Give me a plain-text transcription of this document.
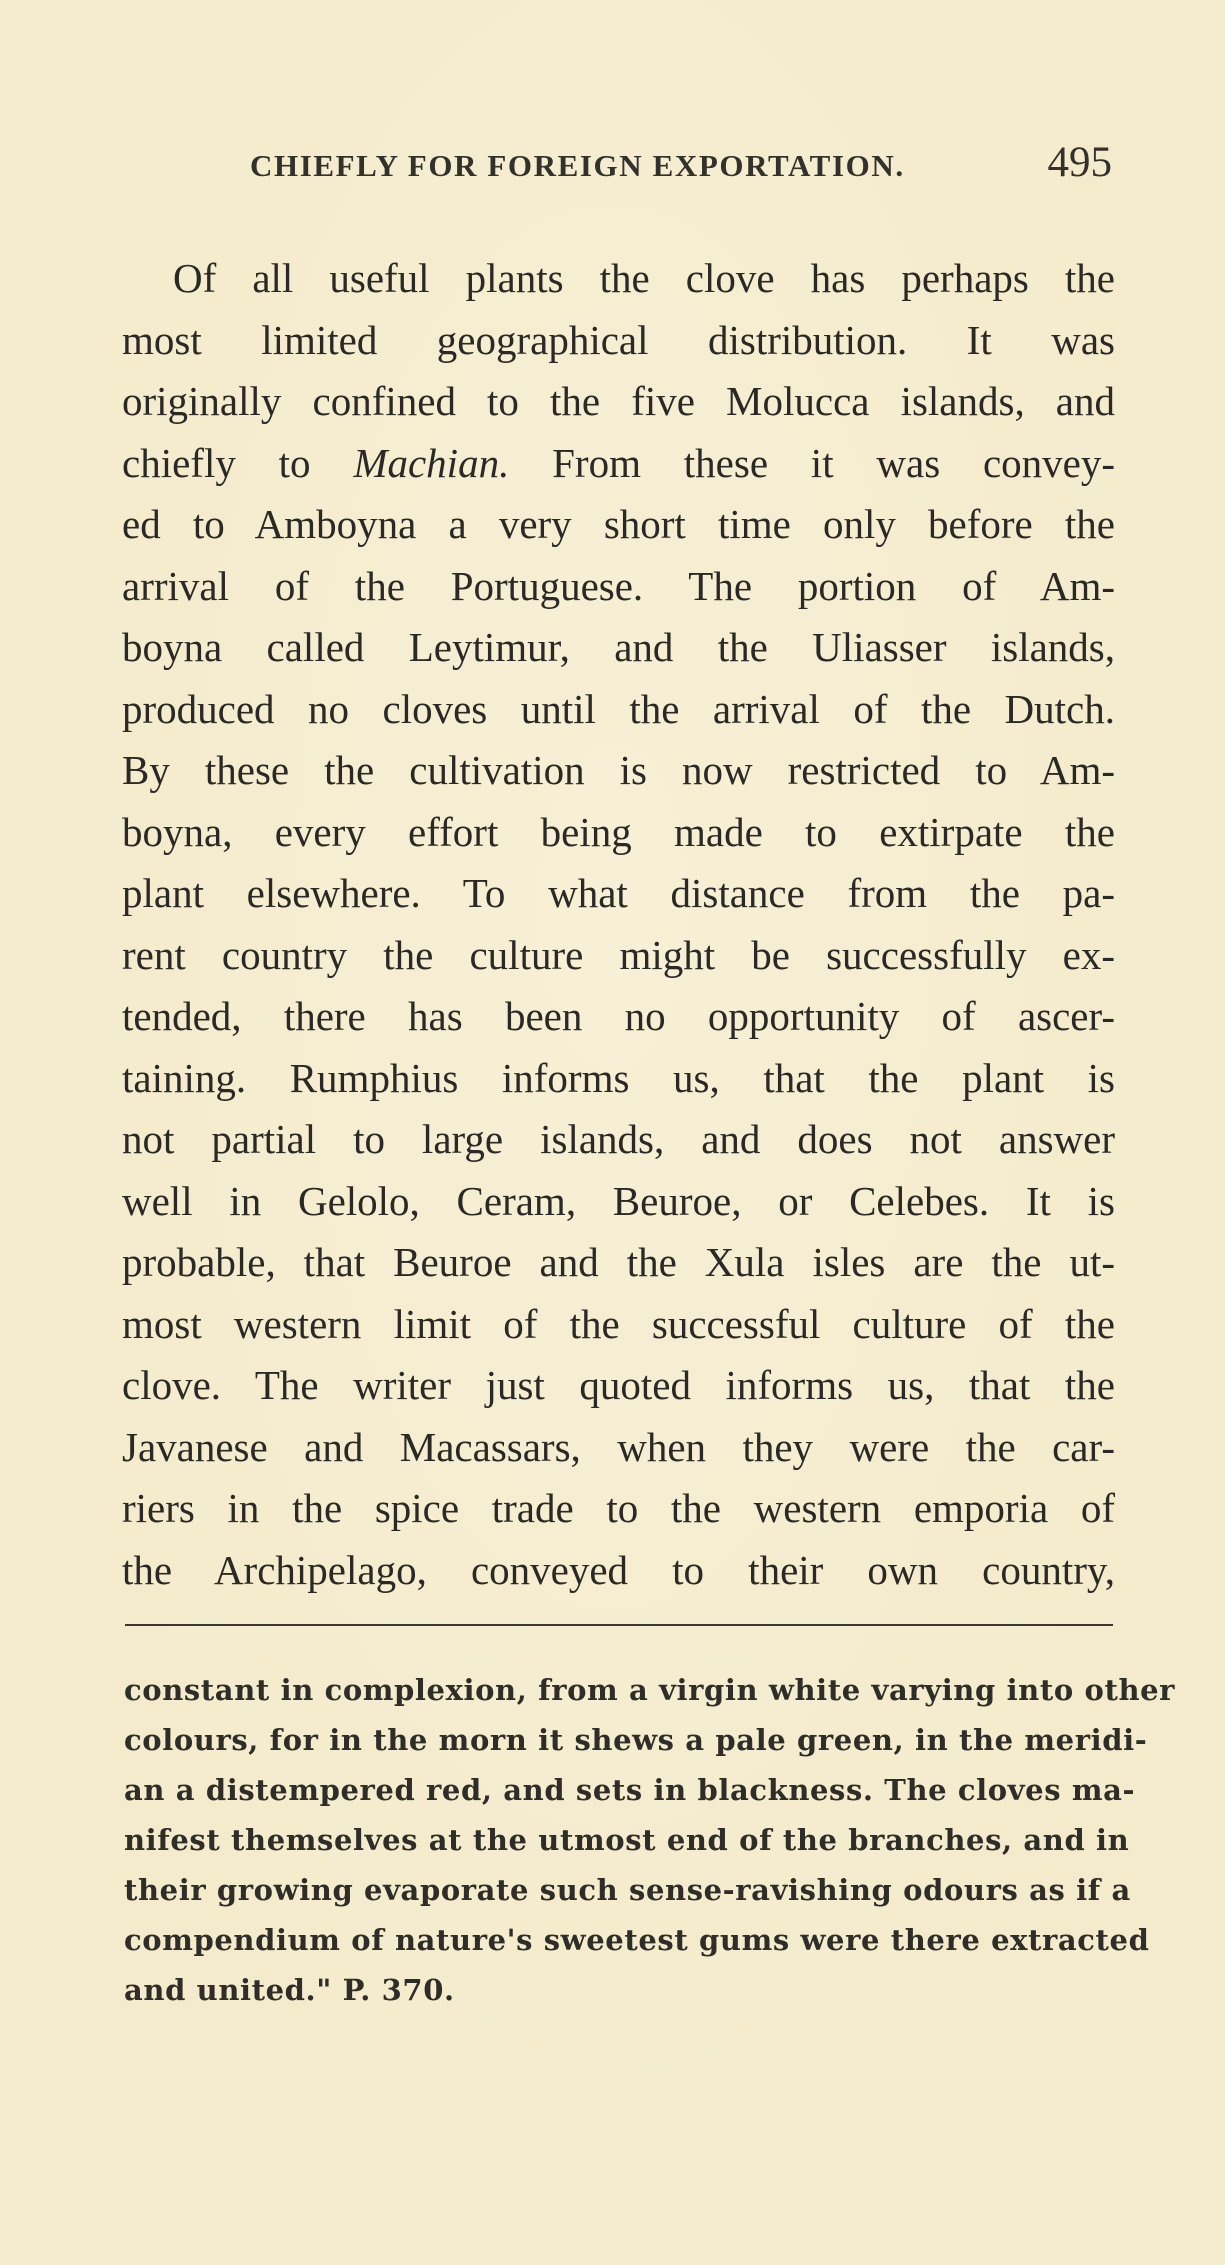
CHIEFLY FOR FOREIGN EXPORTATION.	495
Of all useful plants the clove has perhaps the
most limited geographical distribution. It was
originally confined to the five Molucca islands, and
chiefly to Machian. From these it was convey-
ed to Amboyna a very short time only before the
arrival of the Portuguese. The portion of Am-
boyna called Leytimur, and the Uliasser islands,
produced no cloves until the arrival of the Dutch.
By these the cultivation is now restricted to Am-
boyna, every effort being made to extirpate the
plant elsewhere. To what distance from the pa-
rent country the culture might be successfully ex-
tended, there has been no opportunity of ascer-
taining. Rumphius informs us, that the plant is
not partial to large islands, and does not answer
well in Gelolo, Ceram, Beuroe, or Celebes. It is
probable, that Beuroe and the Xula isles are the ut-
most western limit of the successful culture of the
clove. The writer just quoted informs us, that the
Javanese and Macassars, when they were the car-
riers in the spice trade to the western emporia of
the Archipelago, conveyed to their own country,
constant in complexion, from a virgin white varying into other
colours, for in the morn it shews a pale green, in the meridi-
an a distempered red, and sets in blackness. The cloves ma-
nifest themselves at the utmost end of the branches, and in
their growing evaporate such sense-ravishing odours as if a
compendium of nature's sweetest gums were there extracted
and united." P. 370.
